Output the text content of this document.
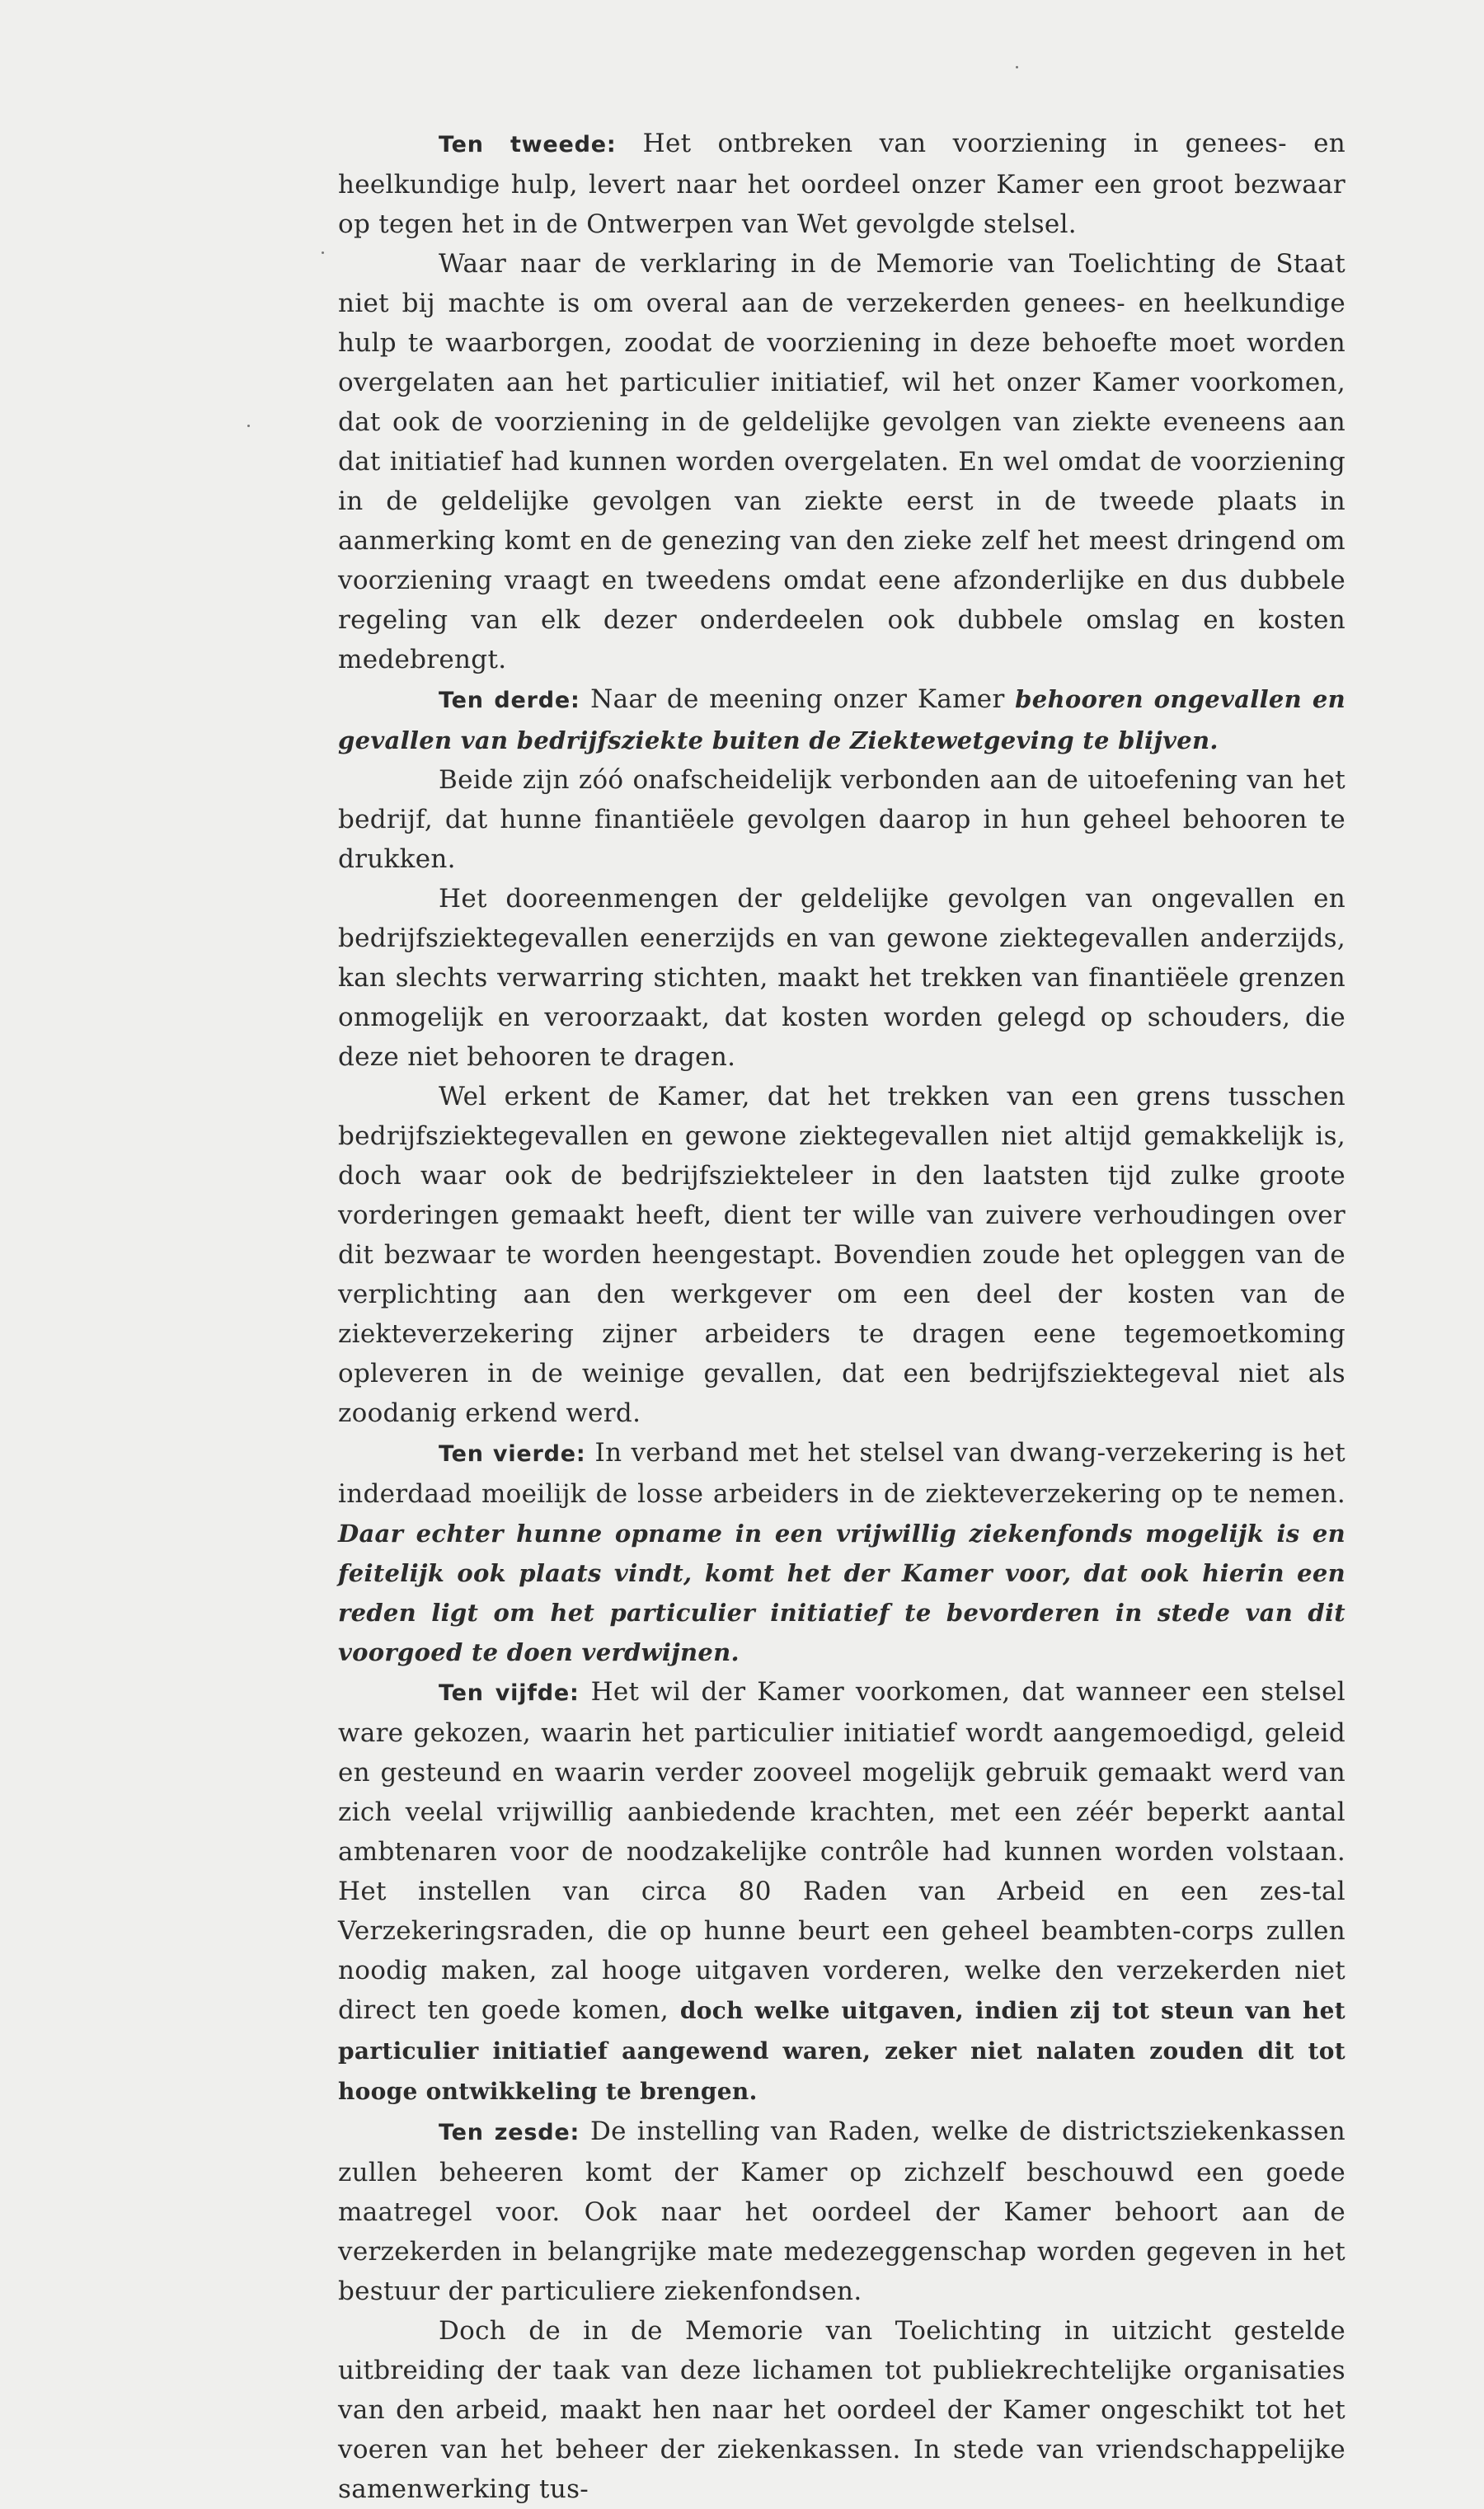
Ten tweede: Het ontbreken van voorziening in genees- en heelkundige hulp, levert naar het oordeel onzer Kamer een groot bezwaar op tegen het in de Ontwerpen van Wet gevolgde stelsel.

Waar naar de verklaring in de Memorie van Toelichting de Staat niet bij machte is om overal aan de verzekerden genees- en heelkundige hulp te waarborgen, zoodat de voorziening in deze behoefte moet worden overgelaten aan het particulier initiatief, wil het onzer Kamer voorkomen, dat ook de voorziening in de geldelijke gevolgen van ziekte eveneens aan dat initiatief had kunnen worden overgelaten. En wel omdat de voorziening in de geldelijke gevolgen van ziekte eerst in de tweede plaats in aanmerking komt en de genezing van den zieke zelf het meest dringend om voorziening vraagt en tweedens omdat eene afzonderlijke en dus dubbele regeling van elk dezer onderdeelen ook dubbele omslag en kosten medebrengt.

Ten derde: Naar de meening onzer Kamer behooren ongevallen en gevallen van bedrijfsziekte buiten de Ziektewetgeving te blijven.

Beide zijn zóó onafscheidelijk verbonden aan de uitoefening van het bedrijf, dat hunne finantiëele gevolgen daarop in hun geheel behooren te drukken.

Het dooreenmengen der geldelijke gevolgen van ongevallen en bedrijfsziektegevallen eenerzijds en van gewone ziektegevallen anderzijds, kan slechts verwarring stichten, maakt het trekken van finantiëele grenzen onmogelijk en veroorzaakt, dat kosten worden gelegd op schouders, die deze niet behooren te dragen.

Wel erkent de Kamer, dat het trekken van een grens tusschen bedrijfsziektegevallen en gewone ziektegevallen niet altijd gemakkelijk is, doch waar ook de bedrijfsziekteleer in den laatsten tijd zulke groote vorderingen gemaakt heeft, dient ter wille van zuivere verhoudingen over dit bezwaar te worden heengestapt. Bovendien zoude het opleggen van de verplichting aan den werkgever om een deel der kosten van de ziekteverzekering zijner arbeiders te dragen eene tegemoetkoming opleveren in de weinige gevallen, dat een bedrijfsziektegeval niet als zoodanig erkend werd.

Ten vierde: In verband met het stelsel van dwang-verzekering is het inderdaad moeilijk de losse arbeiders in de ziekteverzekering op te nemen. Daar echter hunne opname in een vrijwillig ziekenfonds mogelijk is en feitelijk ook plaats vindt, komt het der Kamer voor, dat ook hierin een reden ligt om het particulier initiatief te bevorderen in stede van dit voorgoed te doen verdwijnen.

Ten vijfde: Het wil der Kamer voorkomen, dat wanneer een stelsel ware gekozen, waarin het particulier initiatief wordt aangemoedigd, geleid en gesteund en waarin verder zooveel mogelijk gebruik gemaakt werd van zich veelal vrijwillig aanbiedende krachten, met een zéér beperkt aantal ambtenaren voor de noodzakelijke contrôle had kunnen worden volstaan. Het instellen van circa 80 Raden van Arbeid en een zes-tal Verzekeringsraden, die op hunne beurt een geheel beambten-corps zullen noodig maken, zal hooge uitgaven vorderen, welke den verzekerden niet direct ten goede komen, doch welke uitgaven, indien zij tot steun van het particulier initiatief aangewend waren, zeker niet nalaten zouden dit tot hooge ontwikkeling te brengen.

Ten zesde: De instelling van Raden, welke de districtsziekenkassen zullen beheeren komt der Kamer op zichzelf beschouwd een goede maatregel voor. Ook naar het oordeel der Kamer behoort aan de verzekerden in belangrijke mate medezeggenschap worden gegeven in het bestuur der particuliere ziekenfondsen.

Doch de in de Memorie van Toelichting in uitzicht gestelde uitbreiding der taak van deze lichamen tot publiekrechtelijke organisaties van den arbeid, maakt hen naar het oordeel der Kamer ongeschikt tot het voeren van het beheer der ziekenkassen. In stede van vriendschappelijke samenwerking tus-
